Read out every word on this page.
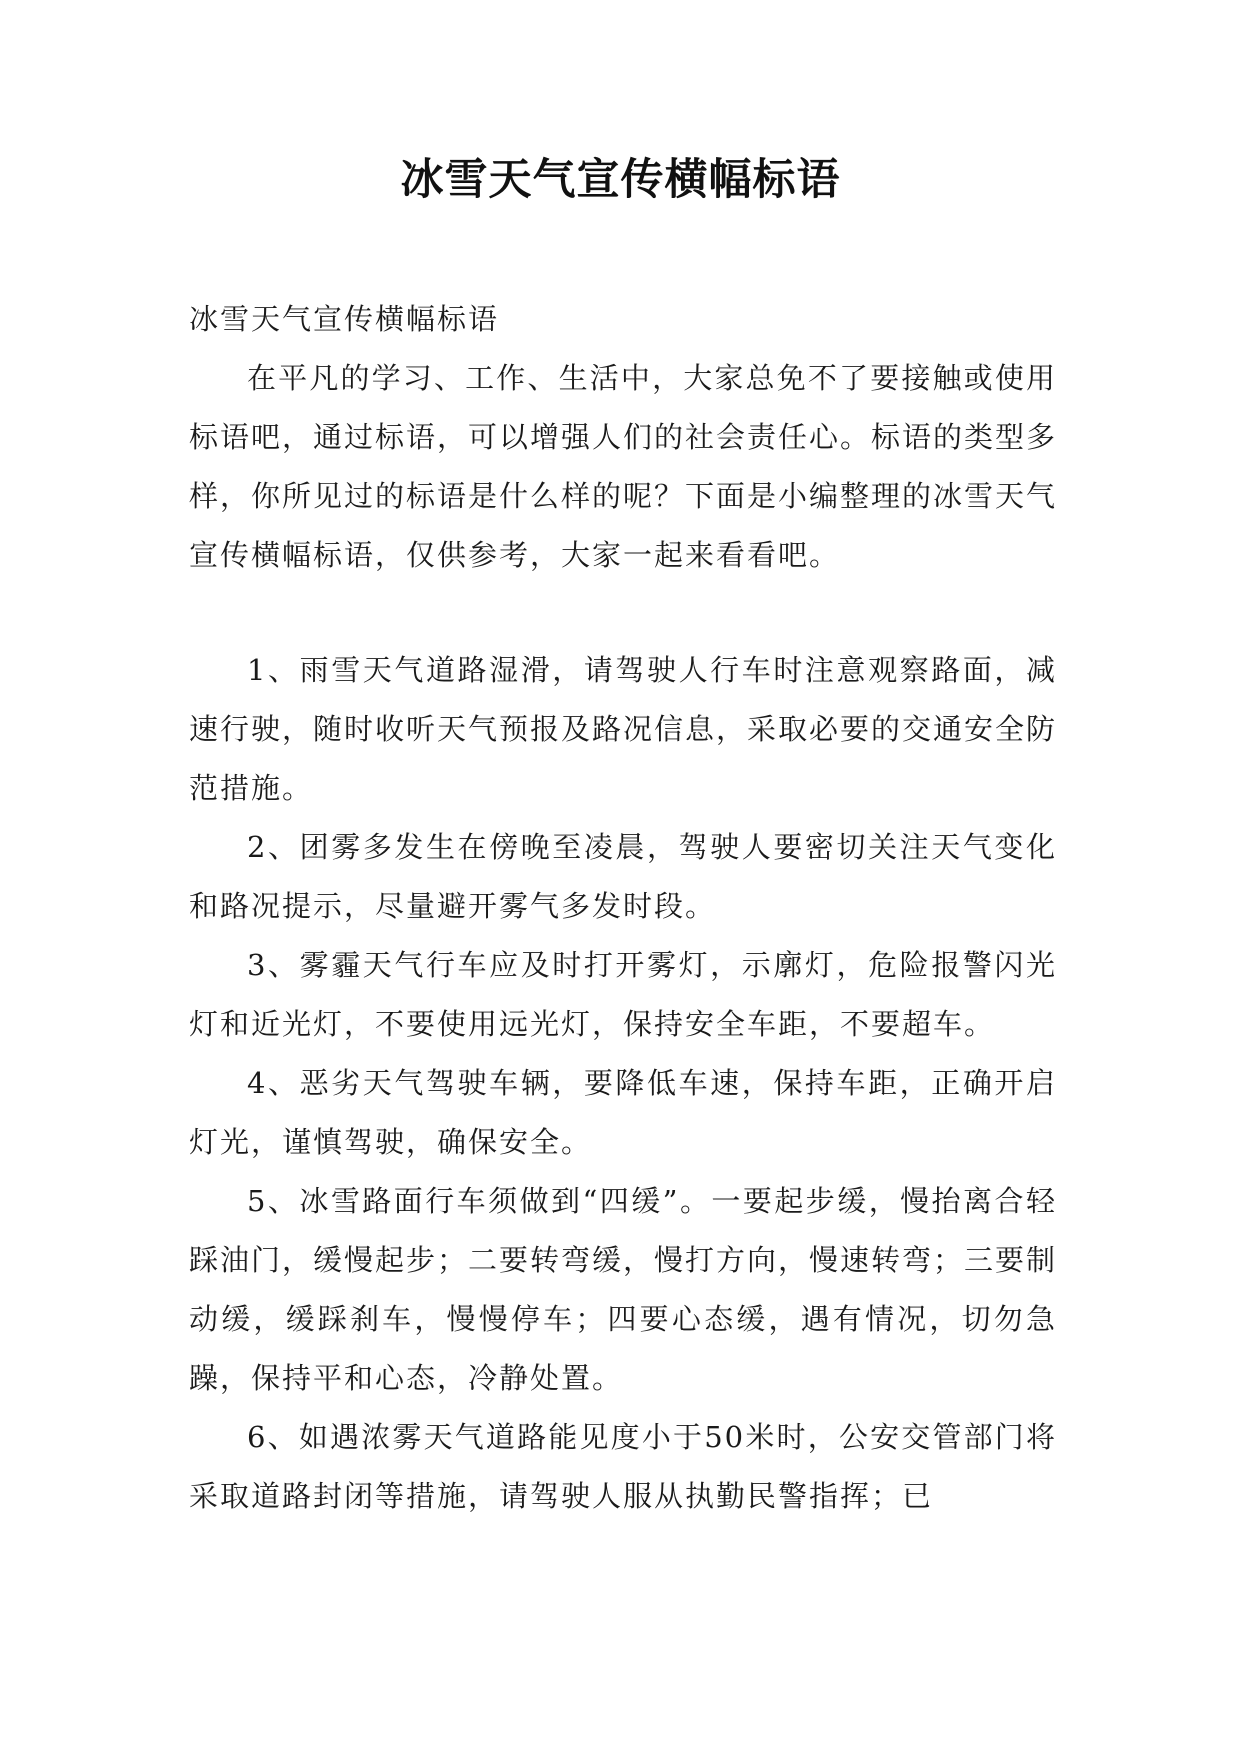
冰雪天气宣传横幅标语

冰雪天气宣传横幅标语

在平凡的学习、工作、生活中，大家总免不了要接触或使用标语吧，通过标语，可以增强人们的社会责任心。标语的类型多样，你所见过的标语是什么样的呢？下面是小编整理的冰雪天气宣传横幅标语，仅供参考，大家一起来看看吧。

1、雨雪天气道路湿滑，请驾驶人行车时注意观察路面，减速行驶，随时收听天气预报及路况信息，采取必要的交通安全防范措施。

2、团雾多发生在傍晚至凌晨，驾驶人要密切关注天气变化和路况提示，尽量避开雾气多发时段。

3、雾霾天气行车应及时打开雾灯，示廓灯，危险报警闪光灯和近光灯，不要使用远光灯，保持安全车距，不要超车。

4、恶劣天气驾驶车辆，要降低车速，保持车距，正确开启灯光，谨慎驾驶，确保安全。

5、冰雪路面行车须做到“四缓”。一要起步缓，慢抬离合轻踩油门，缓慢起步；二要转弯缓，慢打方向，慢速转弯；三要制动缓，缓踩刹车，慢慢停车；四要心态缓，遇有情况，切勿急躁，保持平和心态，冷静处置。

6、如遇浓雾天气道路能见度小于50米时，公安交管部门将采取道路封闭等措施，请驾驶人服从执勤民警指挥；已
